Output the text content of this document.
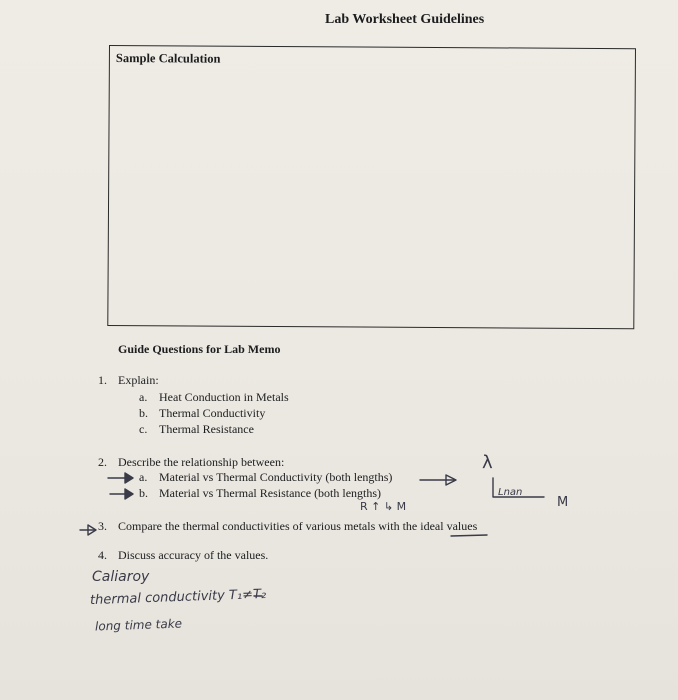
Lab Worksheet Guidelines
Sample Calculation
Guide Questions for Lab Memo
1. Explain:
a. Heat Conduction in Metals
b. Thermal Conductivity
c. Thermal Resistance
2. Describe the relationship between:
a. Material vs Thermal Conductivity (both lengths)
b. Material vs Thermal Resistance (both lengths)
3. Compare the thermal conductivities of various metals with the ideal values
4. Discuss accuracy of the values.
λ
Lnan
M
R ↑ ↳ M
Caliaroy
thermal conductivity T₁≠T₂
long time take
